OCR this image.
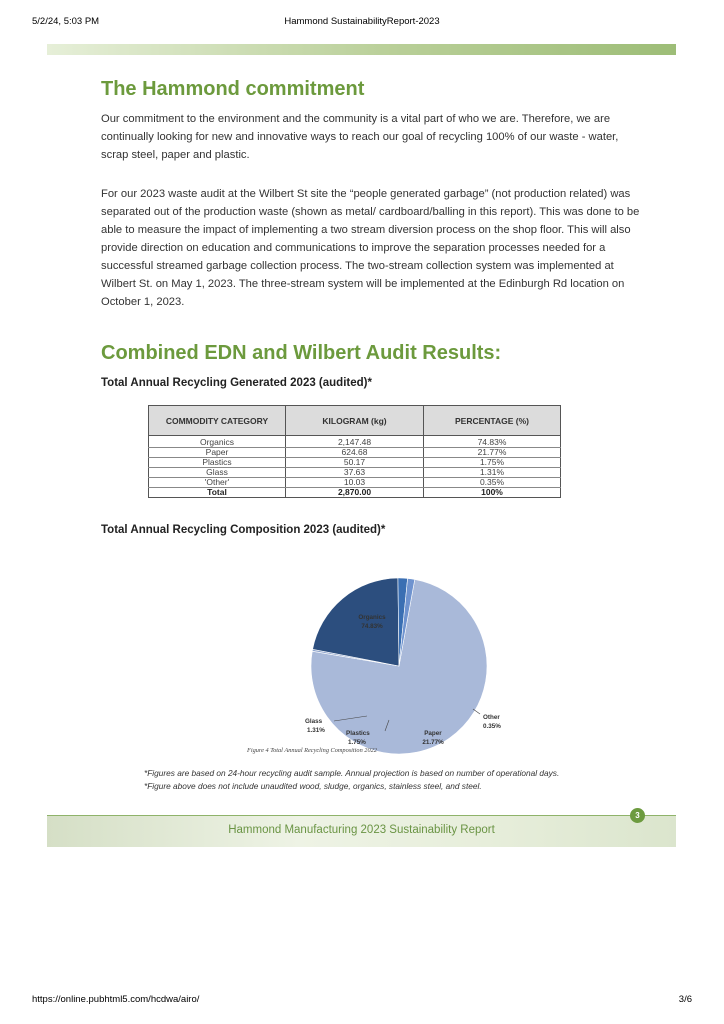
5/2/24, 5:03 PM	Hammond SustainabilityReport-2023
The Hammond commitment

Our commitment to the environment and the community is a vital part of who we are. Therefore, we are continually looking for new and innovative ways to reach our goal of recycling 100% of our waste - water, scrap steel, paper and plastic.

For our 2023 waste audit at the Wilbert St site the “people generated garbage” (not production related) was separated out of the production waste (shown as metal/ cardboard/balling in this report). This was done to be able to measure the impact of implementing a two stream diversion process on the shop floor. This will also provide direction on education and communications to improve the separation processes needed for a successful streamed garbage collection process. The two-stream collection system was implemented at Wilbert St. on May 1, 2023. The three-stream system will be implemented at the Edinburgh Rd location on October 1, 2023.

Combined EDN and Wilbert Audit Results:
Total Annual Recycling Generated 2023 (audited)*
COMMODITY CATEGORY	KILOGRAM (kg)	PERCENTAGE (%)
Organics	2,147.48	74.83%
Paper	624.68	21.77%
Plastics	50.17	1.75%
Glass	37.63	1.31%
'Other'	10.03	0.35%
Total	2,870.00	100%
Total Annual Recycling Composition 2023 (audited)*
Organics
74.83%
Other
0.35%
Paper
21.77%
Plastics
1.75%
Glass
1.31%
Figure 4 Total Annual Recycling Composition 2022
*Figures are based on 24-hour recycling audit sample. Annual projection is based on number of operational days.
*Figure above does not include unaudited wood, sludge, organics, stainless steel, and steel.
Hammond Manufacturing 2023 Sustainability Report
3
https://online.pubhtml5.com/hcdwa/airo/	3/6
